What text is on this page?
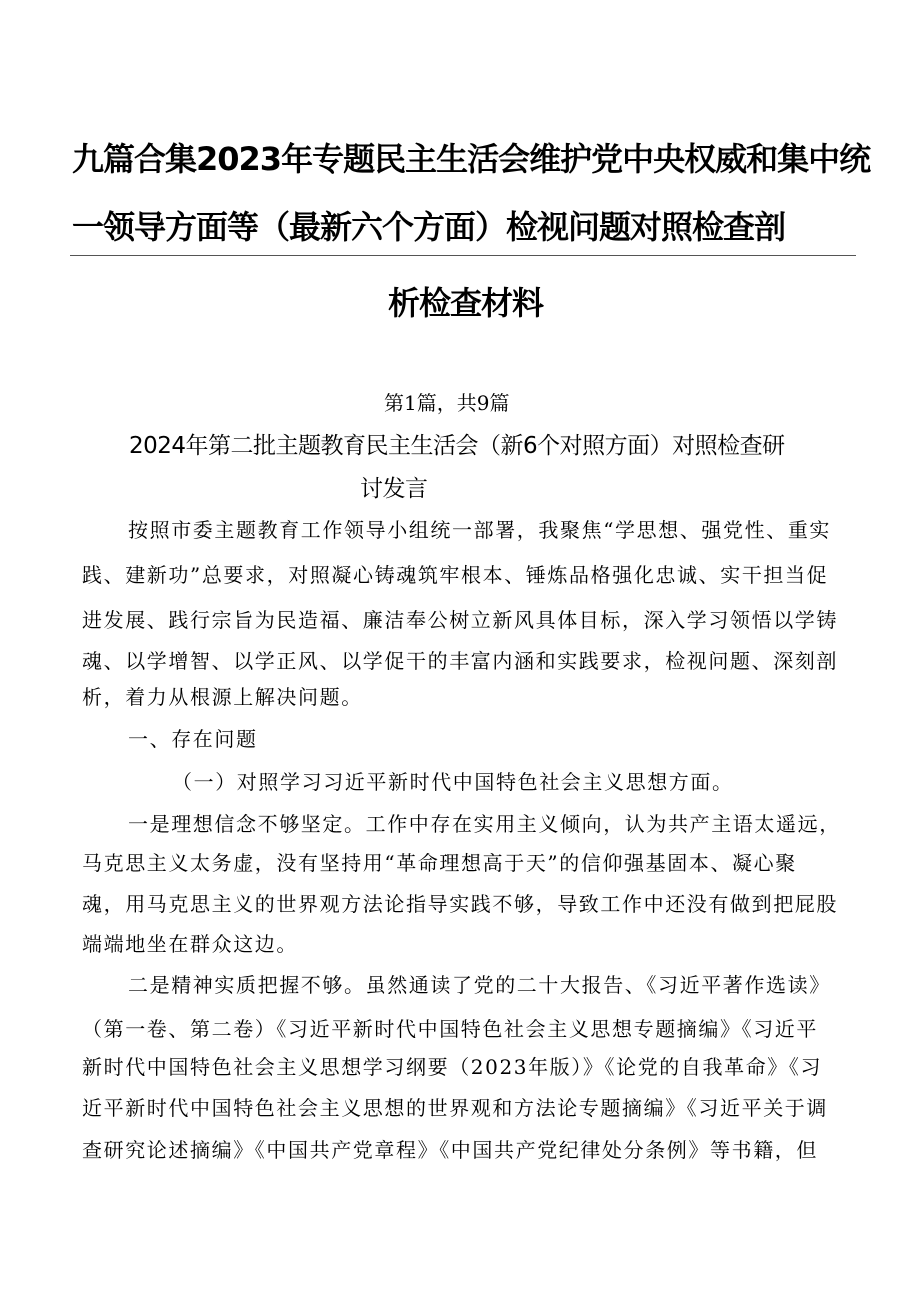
九篇合集2023年专题民主生活会维护党中央权威和集中统
一领导方面等（最新六个方面）检视问题对照检查剖
析检查材料
第1篇，共9篇
2024年第二批主题教育民主生活会（新6个对照方面）对照检查研
讨发言
按照市委主题教育工作领导小组统一部署，我聚焦“学思想、强党性、重实
践、建新功”总要求，对照凝心铸魂筑牢根本、锤炼品格强化忠诚、实干担当促
进发展、践行宗旨为民造福、廉洁奉公树立新风具体目标，深入学习领悟以学铸
魂、以学增智、以学正风、以学促干的丰富内涵和实践要求，检视问题、深刻剖
析，着力从根源上解决问题。
一、存在问题
（一）对照学习习近平新时代中国特色社会主义思想方面。
一是理想信念不够坚定。工作中存在实用主义倾向，认为共产主语太遥远，
马克思主义太务虚，没有坚持用“革命理想高于天”的信仰强基固本、凝心聚
魂，用马克思主义的世界观方法论指导实践不够，导致工作中还没有做到把屁股
端端地坐在群众这边。
二是精神实质把握不够。虽然通读了党的二十大报告、《习近平著作选读》
（第一卷、第二卷）《习近平新时代中国特色社会主义思想专题摘编》《习近平
新时代中国特色社会主义思想学习纲要（2023年版）》《论党的自我革命》《习
近平新时代中国特色社会主义思想的世界观和方法论专题摘编》《习近平关于调
查研究论述摘编》《中国共产党章程》《中国共产党纪律处分条例》等书籍，但
